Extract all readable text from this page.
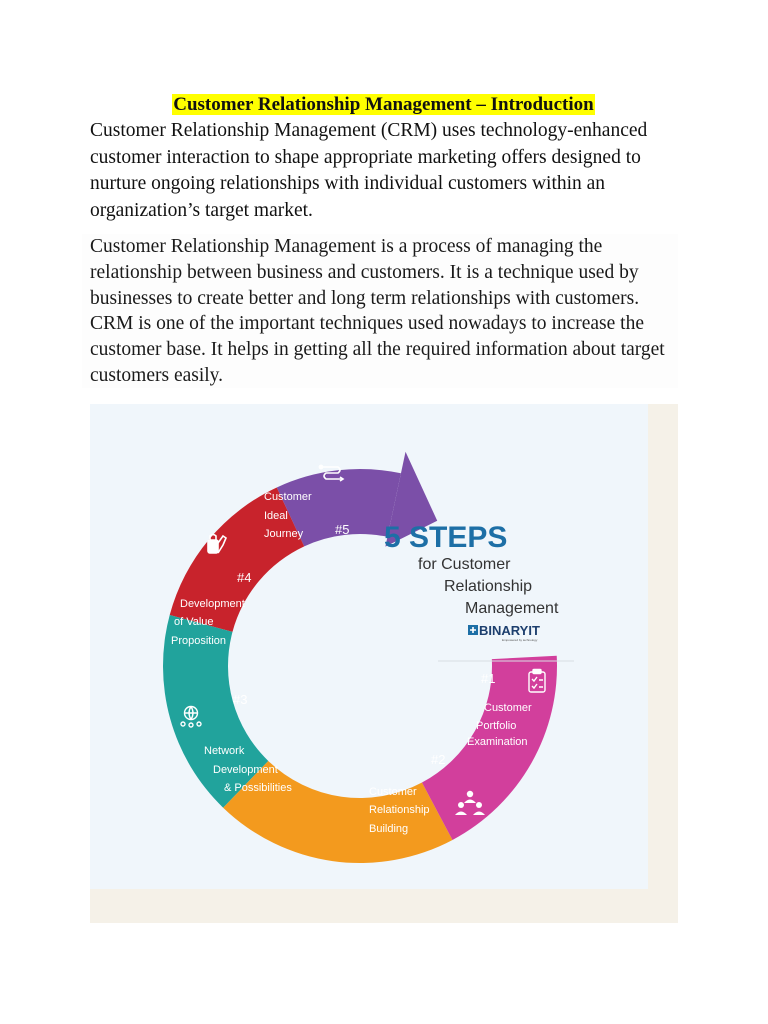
Customer Relationship Management – Introduction

Customer Relationship Management (CRM) uses technology-enhanced customer interaction to shape appropriate marketing offers designed to nurture ongoing relationships with individual customers within an organization’s target market.

Customer Relationship Management is a process of managing the relationship between business and customers. It is a technique used by businesses to create better and long term relationships with customers. CRM is one of the important techniques used nowadays to increase the customer base. It helps in getting all the required information about target customers easily.

5 STEPS
for Customer
Relationship
Management
BINARYIT
Empowered by technology
Customer
Ideal
Journey #5
#4
Development
of Value
Proposition
#3
Network
Development
& Possibilities
#2
Customer
Relationship
Building
#1
Customer
Portfolio
Examination
